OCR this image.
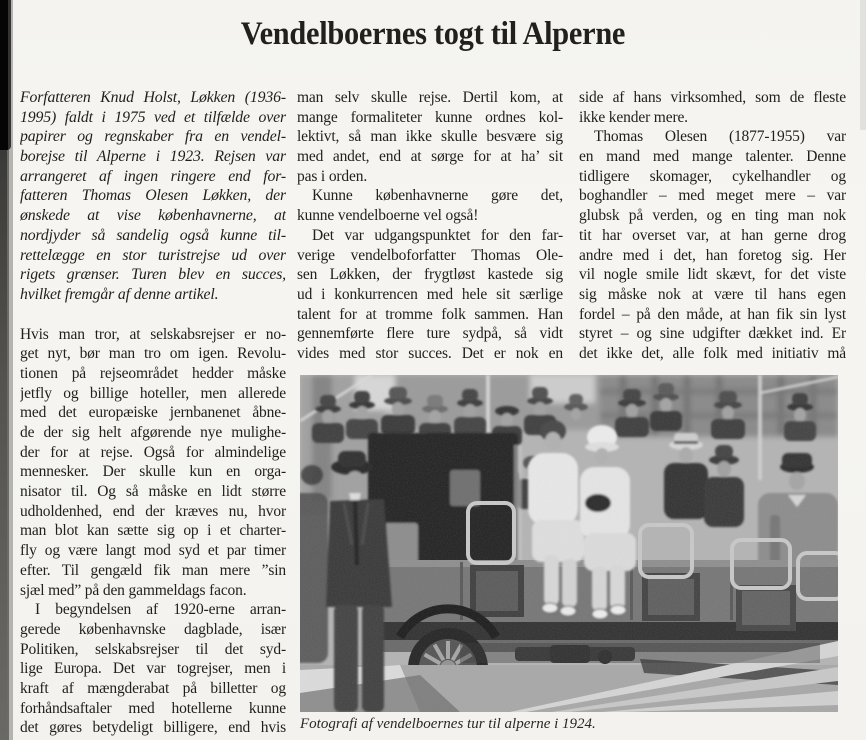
Vendelboernes togt til Alperne
Forfatteren Knud Holst, Løkken (1936-
1995) faldt i 1975 ved et tilfælde over
papirer og regnskaber fra en vendel-
borejse til Alperne i 1923. Rejsen var
arrangeret af ingen ringere end for-
fatteren Thomas Olesen Løkken, der
ønskede at vise københavnerne, at
nordjyder så sandelig også kunne til-
rettelægge en stor turistrejse ud over
rigets grænser. Turen blev en succes,
hvilket fremgår af denne artikel.
Hvis man tror, at selskabsrejser er no-
get nyt, bør man tro om igen. Revolu-
tionen på rejseområdet hedder måske
jetfly og billige hoteller, men allerede
med det europæiske jernbanenet åbne-
de der sig helt afgørende nye mulighe-
der for at rejse. Også for almindelige
mennesker. Der skulle kun en orga-
nisator til. Og så måske en lidt større
udholdenhed, end der kræves nu, hvor
man blot kan sætte sig op i et charter-
fly og være langt mod syd et par timer
efter. Til gengæld fik man mere ”sin
sjæl med” på den gammeldags facon.
I begyndelsen af 1920-erne arran-
gerede københavnske dagblade, især
Politiken, selskabsrejser til det syd-
lige Europa. Det var togrejser, men i
kraft af mængderabat på billetter og
forhåndsaftaler med hotellerne kunne
det gøres betydeligt billigere, end hvis
man selv skulle rejse. Dertil kom, at
mange formaliteter kunne ordnes kol-
lektivt, så man ikke skulle besvære sig
med andet, end at sørge for at ha’ sit
pas i orden.
Kunne københavnerne gøre det,
kunne vendelboerne vel også!
Det var udgangspunktet for den far-
verige vendelboforfatter Thomas Ole-
sen Løkken, der frygtløst kastede sig
ud i konkurrencen med hele sit særlige
talent for at tromme folk sammen. Han
gennemførte flere ture sydpå, så vidt
vides med stor succes. Det er nok en
side af hans virksomhed, som de fleste
ikke kender mere.
Thomas Olesen (1877-1955) var
en mand med mange talenter. Denne
tidligere skomager, cykelhandler og
boghandler – med meget mere – var
glubsk på verden, og en ting man nok
tit har overset var, at han gerne drog
andre med i det, han foretog sig. Her
vil nogle smile lidt skævt, for det viste
sig måske nok at være til hans egen
fordel – på den måde, at han fik sin lyst
styret – og sine udgifter dækket ind. Er
det ikke det, alle folk med initiativ må
Fotografi af vendelboernes tur til alperne i 1924.
